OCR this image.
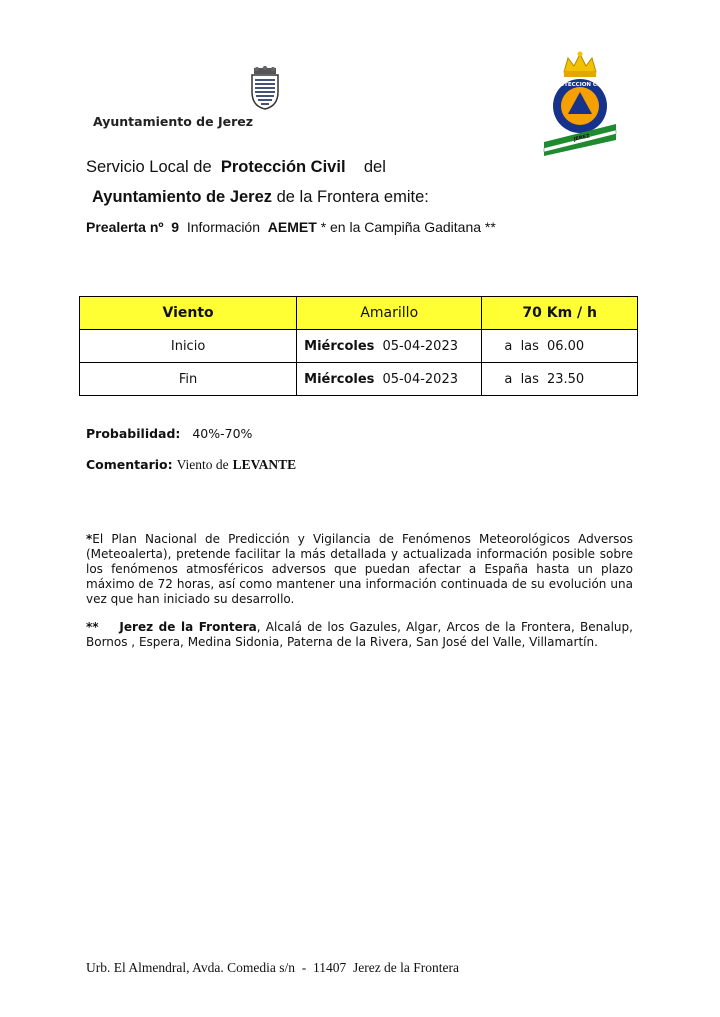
Ayuntamiento de Jerez
PROTECCION CIVIL
JEREZ
Servicio Local de Protección Civil del
Ayuntamiento de Jerez de la Frontera emite:
Prealerta nº 9 Información AEMET * en la Campiña Gaditana **
Viento	Amarillo	70 Km / h
Inicio	Miércoles 05-04-2023	a  las 06.00
Fin	Miércoles 05-04-2023	a  las 23.50
Probabilidad: 40%-70%
Comentario: Viento de LEVANTE
*El Plan Nacional de Predicción y Vigilancia de Fenómenos Meteorológicos Adversos (Meteoalerta), pretende facilitar la más detallada y actualizada información posible sobre los fenómenos atmosféricos adversos que puedan afectar a España hasta un plazo máximo de 72 horas, así como mantener una información continuada de su evolución una vez que han iniciado su desarrollo.
** Jerez de la Frontera, Alcalá de los Gazules, Algar, Arcos de la Frontera, Benalup, Bornos , Espera, Medina Sidonia, Paterna de la Rivera, San José del Valle, Villamartín.
Urb. El Almendral, Avda. Comedia s/n  -  11407  Jerez de la Frontera
